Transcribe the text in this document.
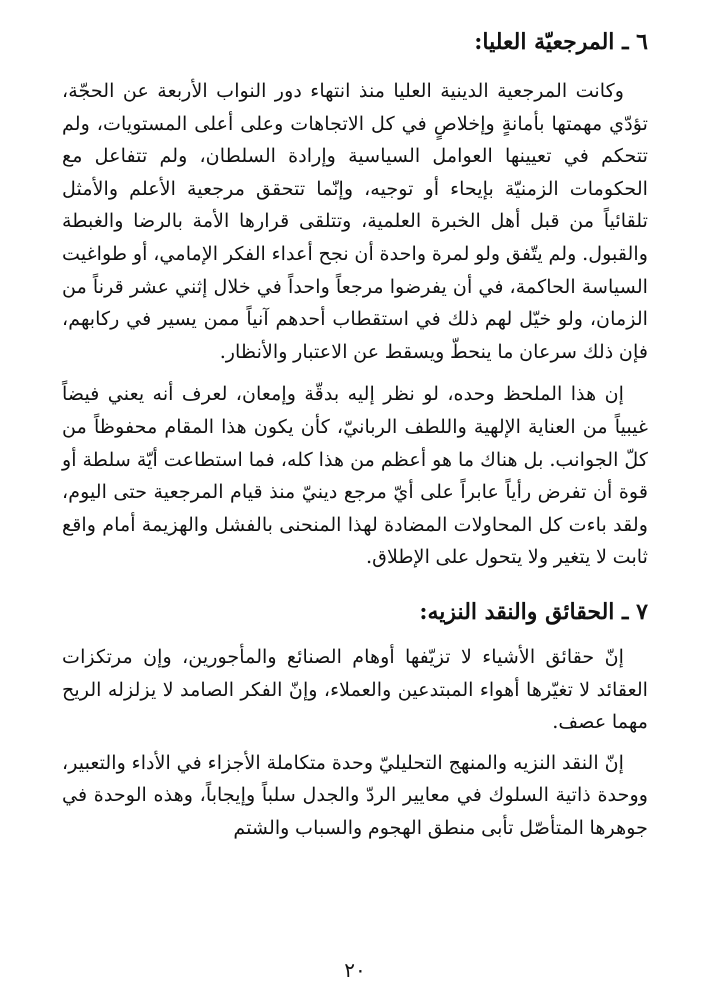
٦ ـ المرجعيّة العليا:

وكانت المرجعية الدينية العليا منذ انتهاء دور النواب الأربعة عن الحجّة، تؤدّي مهمتها بأمانةٍ وإخلاصٍ في كل الاتجاهات وعلى أعلى المستويات، ولم تتحكم في تعيينها العوامل السياسية وإرادة السلطان، ولم تتفاعل مع الحكومات الزمنيّة بإيحاء أو توجيه، وإنّما تتحقق مرجعية الأعلم والأمثل تلقائياً من قبل أهل الخبرة العلمية، وتتلقى قرارها الأمة بالرضا والغبطة والقبول. ولم يتّفق ولو لمرة واحدة أن نجح أعداء الفكر الإمامي، أو طواغيت السياسة الحاكمة، في أن يفرضوا مرجعاً واحداً في خلال إثني عشر قرناً من الزمان، ولو خيّل لهم ذلك في استقطاب أحدهم آنياً ممن يسير في ركابهم، فإن ذلك سرعان ما ينحطّ ويسقط عن الاعتبار والأنظار.

إن هذا الملحظ وحده، لو نظر إليه بدقّة وإمعان، لعرف أنه يعني فيضاً غيبياً من العناية الإلهية واللطف الربانيّ، كأن يكون هذا المقام محفوظاً من كلّ الجوانب. بل هناك ما هو أعظم من هذا كله، فما استطاعت أيّة سلطة أو قوة أن تفرض رأياً عابراً على أيّ مرجع دينيّ منذ قيام المرجعية حتى اليوم، ولقد باءت كل المحاولات المضادة لهذا المنحنى بالفشل والهزيمة أمام واقع ثابت لا يتغير ولا يتحول على الإطلاق.

٧ ـ الحقائق والنقد النزيه:

إنّ حقائق الأشياء لا تزيّفها أوهام الصنائع والمأجورين، وإن مرتكزات العقائد لا تغيّرها أهواء المبتدعين والعملاء، وإنّ الفكر الصامد لا يزلزله الريح مهما عصف.

إنّ النقد النزيه والمنهج التحليليّ وحدة متكاملة الأجزاء في الأداء والتعبير، ووحدة ذاتية السلوك في معايير الردّ والجدل سلباً وإيجاباً، وهذه الوحدة في جوهرها المتأصّل تأبى منطق الهجوم والسباب والشتم

٢٠
